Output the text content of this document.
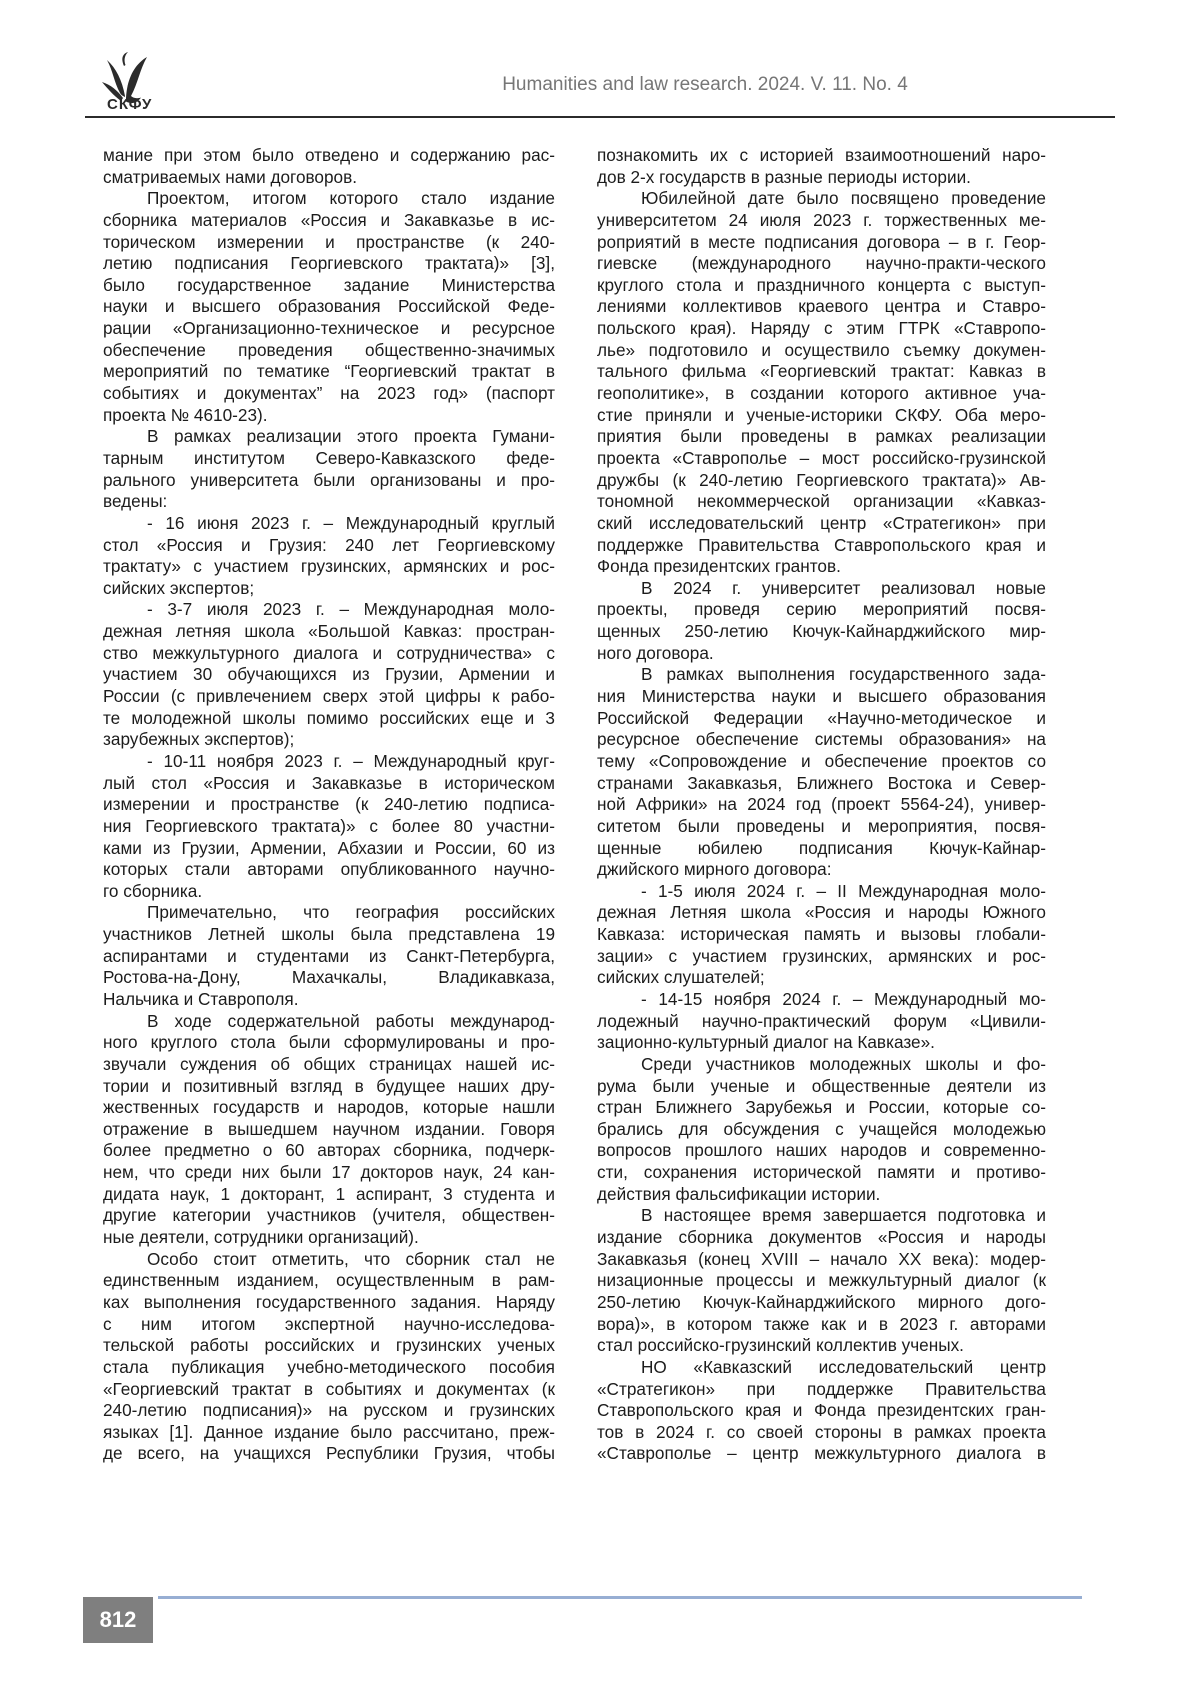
СКФУ
Humanities and law research. 2024. V. 11. No. 4
мание при этом было отведено и содержанию рас-
сматриваемых нами договоров.
Проектом, итогом которого стало издание
сборника материалов «Россия и Закавказье в ис-
торическом измерении и пространстве (к 240-
летию подписания Георгиевского трактата)» [3],
было государственное задание Министерства
науки и высшего образования Российской Феде-
рации «Организационно-техническое и ресурсное
обеспечение проведения общественно-значимых
мероприятий по тематике “Георгиевский трактат в
событиях и документах” на 2023 год» (паспорт
проекта № 4610-23).
В рамках реализации этого проекта Гумани-
тарным институтом Северо-Кавказского феде-
рального университета были организованы и про-
ведены:
- 16 июня 2023 г. – Международный круглый
стол «Россия и Грузия: 240 лет Георгиевскому
трактату» с участием грузинских, армянских и рос-
сийских экспертов;
- 3-7 июля 2023 г. – Международная моло-
дежная летняя школа «Большой Кавказ: простран-
ство межкультурного диалога и сотрудничества» с
участием 30 обучающихся из Грузии, Армении и
России (с привлечением сверх этой цифры к рабо-
те молодежной школы помимо российских еще и 3
зарубежных экспертов);
- 10-11 ноября 2023 г. – Международный круг-
лый стол «Россия и Закавказье в историческом
измерении и пространстве (к 240-летию подписа-
ния Георгиевского трактата)» с более 80 участни-
ками из Грузии, Армении, Абхазии и России, 60 из
которых стали авторами опубликованного научно-
го сборника.
Примечательно, что география российских
участников Летней школы была представлена 19
аспирантами и студентами из Санкт-Петербурга,
Ростова-на-Дону, Махачкалы, Владикавказа,
Нальчика и Ставрополя.
В ходе содержательной работы международ-
ного круглого стола были сформулированы и про-
звучали суждения об общих страницах нашей ис-
тории и позитивный взгляд в будущее наших дру-
жественных государств и народов, которые нашли
отражение в вышедшем научном издании. Говоря
более предметно о 60 авторах сборника, подчерк-
нем, что среди них были 17 докторов наук, 24 кан-
дидата наук, 1 докторант, 1 аспирант, 3 студента и
другие категории участников (учителя, обществен-
ные деятели, сотрудники организаций).
Особо стоит отметить, что сборник стал не
единственным изданием, осуществленным в рам-
ках выполнения государственного задания. Наряду
с ним итогом экспертной научно-исследова-
тельской работы российских и грузинских ученых
стала публикация учебно-методического пособия
«Георгиевский трактат в событиях и документах (к
240-летию подписания)» на русском и грузинских
языках [1]. Данное издание было рассчитано, преж-
де всего, на учащихся Республики Грузия, чтобы
познакомить их с историей взаимоотношений наро-
дов 2-х государств в разные периоды истории.
Юбилейной дате было посвящено проведение
университетом 24 июля 2023 г. торжественных ме-
роприятий в месте подписания договора – в г. Геор-
гиевске (международного научно-практи-ческого
круглого стола и праздничного концерта с выступ-
лениями коллективов краевого центра и Ставро-
польского края). Наряду с этим ГТРК «Ставропо-
лье» подготовило и осуществило съемку докумен-
тального фильма «Георгиевский трактат: Кавказ в
геополитике», в создании которого активное уча-
стие приняли и ученые-историки СКФУ. Оба меро-
приятия были проведены в рамках реализации
проекта «Ставрополье – мост российско-грузинской
дружбы (к 240-летию Георгиевского трактата)» Ав-
тономной некоммерческой организации «Кавказ-
ский исследовательский центр «Стратегикон» при
поддержке Правительства Ставропольского края и
Фонда президентских грантов.
В 2024 г. университет реализовал новые
проекты, проведя серию мероприятий посвя-
щенных 250-летию Кючук-Кайнарджийского мир-
ного договора.
В рамках выполнения государственного зада-
ния Министерства науки и высшего образования
Российской Федерации «Научно-методическое и
ресурсное обеспечение системы образования» на
тему «Сопровождение и обеспечение проектов со
странами Закавказья, Ближнего Востока и Север-
ной Африки» на 2024 год (проект 5564-24), универ-
ситетом были проведены и мероприятия, посвя-
щенные юбилею подписания Кючук-Кайнар-
джийского мирного договора:
- 1-5 июля 2024 г. – II Международная моло-
дежная Летняя школа «Россия и народы Южного
Кавказа: историческая память и вызовы глобали-
зации» с участием грузинских, армянских и рос-
сийских слушателей;
- 14-15 ноября 2024 г. – Международный мо-
лодежный научно-практический форум «Цивили-
зационно-культурный диалог на Кавказе».
Среди участников молодежных школы и фо-
рума были ученые и общественные деятели из
стран Ближнего Зарубежья и России, которые со-
брались для обсуждения с учащейся молодежью
вопросов прошлого наших народов и современно-
сти, сохранения исторической памяти и противо-
действия фальсификации истории.
В настоящее время завершается подготовка и
издание сборника документов «Россия и народы
Закавказья (конец XVIII – начало XX века): модер-
низационные процессы и межкультурный диалог (к
250-летию Кючук-Кайнарджийского мирного дого-
вора)», в котором также как и в 2023 г. авторами
стал российско-грузинский коллектив ученых.
НО «Кавказский исследовательский центр
«Стратегикон» при поддержке Правительства
Ставропольского края и Фонда президентских гран-
тов в 2024 г. со своей стороны в рамках проекта
«Ставрополье – центр межкультурного диалога в
812
